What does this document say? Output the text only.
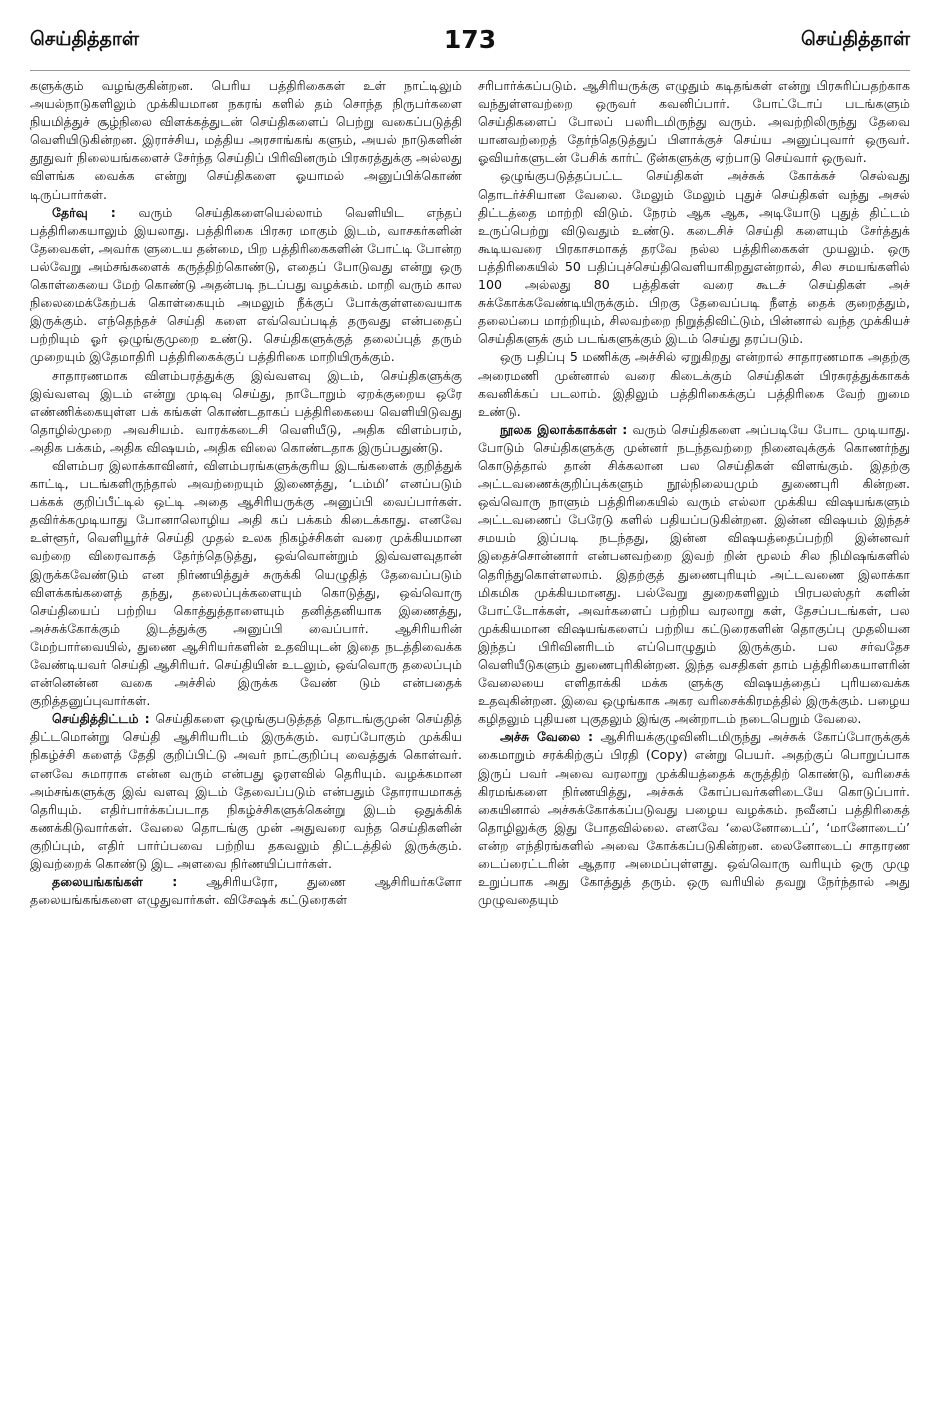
செய்தித்தாள்	173	செய்தித்தாள்

களுக்கும் வழங்குகின்றன. பெரிய பத்திரிகைகள் உள் நாட்டிலும் அயல்நாடுகளிலும் முக்கியமான நகரங் களில் தம் சொந்த நிருபர்களை நியமித்துச் சூழ்நிலை விளக்கத்துடன் செய்திகளைப் பெற்று வகைப்படுத்தி வெளியிடுகின்றன. இராச்சிய, மத்திய அரசாங்கங் களும், அயல் நாடுகளின் தூதுவர் நிலையங்களைச் சேர்ந்த செய்திப் பிரிவினரும் பிரசுரத்துக்கு அல்லது விளங்க வைக்க என்று செய்திகளை ஓயாமல் அனுப்பிக்கொண் டிருப்பார்கள்.

தேர்வு : வரும் செய்திகளையெல்லாம் வெளியிட எந்தப் பத்திரிகையாலும் இயலாது. பத்திரிகை பிரசுர மாகும் இடம், வாசகர்களின் தேவைகள், அவர்க ளுடைய தன்மை, பிற பத்திரிகைகளின் போட்டி போன்ற பல்வேறு அம்சங்களைக் கருத்திற்கொண்டு, எதைப் போடுவது என்று ஒரு கொள்கையை மேற் கொண்டு அதன்படி நடப்பது வழக்கம். மாறி வரும் கால நிலைமைக்கேற்பக் கொள்கையும் அமலும் நீக்குப் போக்குள்ளவையாக இருக்கும். எந்தெந்தச் செய்தி களை எவ்வெப்படித் தருவது என்பதைப் பற்றியும் ஓர் ஒழுங்குமுறை உண்டு. செய்திகளுக்குத் தலைப்புத் தரும் முறையும் இதேமாதிரி பத்திரிகைக்குப் பத்திரிகை மாறியிருக்கும்.

சாதாரணமாக விளம்பரத்துக்கு இவ்வளவு இடம், செய்திகளுக்கு இவ்வளவு இடம் என்று முடிவு செய்து, நாடோறும் ஏறக்குறைய ஒரே எண்ணிக்கையுள்ள பக் கங்கள் கொண்டதாகப் பத்திரிகையை வெளியிடுவது தொழில்முறை அவசியம். வாரக்கடைசி வெளியீடு, அதிக விளம்பரம், அதிக பக்கம், அதிக விஷயம், அதிக விலை கொண்டதாக இருப்பதுண்டு.

விளம்பர இலாக்காவினர், விளம்பரங்களுக்குரிய இடங்களைக் குறித்துக் காட்டி, படங்களிருந்தால் அவற்றையும் இணைத்து, ‘டம்மி’ எனப்படும் பக்கக் குறிப்பீட்டில் ஒட்டி அதை ஆசிரியருக்கு அனுப்பி வைப்பார்கள். தவிர்க்கமுடியாது போனாலொழிய அதி கப் பக்கம் கிடைக்காது. எனவே உள்ளூர், வெளியூர்ச் செய்தி முதல் உலக நிகழ்ச்சிகள் வரை முக்கியமான வற்றை விரைவாகத் தேர்ந்தெடுத்து, ஒவ்வொன்றும் இவ்வளவுதான் இருக்கவேண்டும் என நிர்ணயித்துச் சுருக்கி யெழுதித் தேவைப்படும் விளக்கங்களைத் தந்து, தலைப்புக்களையும் கொடுத்து, ஒவ்வொரு செய்தியைப் பற்றிய கொத்துத்தாளையும் தனித்தனியாக இணைத்து, அச்சுக்கோக்கும் இடத்துக்கு அனுப்பி வைப்பார். ஆசிரியரின் மேற்பார்வையில், துணை ஆசிரியர்களின் உதவியுடன் இதை நடத்திவைக்க வேண்டியவர் செய்தி ஆசிரியர். செய்தியின் உடலும், ஒவ்வொரு தலைப்பும் என்னென்ன வகை அச்சில் இருக்க வேண் டும் என்பதைக் குறித்தனுப்புவார்கள்.

செய்தித்திட்டம் : செய்திகளை ஒழுங்குபடுத்தத் தொடங்குமுன் செய்தித் திட்டமொன்று செய்தி ஆசிரியரிடம் இருக்கும். வரப்போகும் முக்கிய நிகழ்ச்சி களைத் தேதி குறிப்பிட்டு அவர் நாட்குறிப்பு வைத்துக் கொள்வர். எனவே சுமாராக என்ன வரும் என்பது ஓரளவில் தெரியும். வழக்கமான அம்சங்களுக்கு இவ் வளவு இடம் தேவைப்படும் என்பதும் தோராயமாகத் தெரியும். எதிர்பார்க்கப்படாத நிகழ்ச்சிகளுக்கென்று இடம் ஒதுக்கிக் கணக்கிடுவார்கள். வேலை தொடங்கு முன் அதுவரை வந்த செய்திகளின் குறிப்பும், எதிர் பார்ப்பவை பற்றிய தகவலும் திட்டத்தில் இருக்கும். இவற்றைக் கொண்டு இட அளவை நிர்ணயிப்பார்கள்.

தலையங்கங்கள் : ஆசிரியரோ, துணை ஆசிரியர்களோ தலையங்கங்களை எழுதுவார்கள். விசேஷக் கட்டுரைகள்

சரிபார்க்கப்படும். ஆசிரியருக்கு எழுதும் கடிதங்கள் என்று பிரசுரிப்பதற்காக வந்துள்ளவற்றை ஒருவர் கவனிப்பார். போட்டோப் படங்களும் செய்திகளைப் போலப் பலரிடமிருந்து வரும். அவற்றிலிருந்து தேவை யானவற்றைத் தேர்ந்தெடுத்துப் பிளாக்குச் செய்ய அனுப்புவார் ஒருவர். ஓவியர்களுடன் பேசிக் கார்ட் டூன்களுக்கு ஏற்பாடு செய்வார் ஒருவர்.

ஒழுங்குபடுத்தப்பட்ட செய்திகள் அச்சுக் கோக்கச் செல்வது தொடர்ச்சியான வேலை. மேலும் மேலும் புதுச் செய்திகள் வந்து அசல் திட்டத்தை மாற்றி விடும். நேரம் ஆக ஆக, அடியோடு புதுத் திட்டம் உருப்பெற்று விடுவதும் உண்டு. கடைசிச் செய்தி களையும் சேர்த்துக் கூடியவரை பிரகாசமாகத் தரவே நல்ல பத்திரிகைகள் முயலும். ஒரு பத்திரிகையில் 50 பதிப்புச்செய்திவெளியாகிறதுஎன்றால், சில சமயங்களில் 100 அல்லது 80 பத்திகள் வரை கூடச் செய்திகள் அச் சுக்கோக்கவேண்டியிருக்கும். பிறகு தேவைப்படி நீளத் தைக் குறைத்தும், தலைப்பை மாற்றியும், சிலவற்றை நிறுத்திவிட்டும், பின்னால் வந்த முக்கியச் செய்திகளுக் கும் படங்களுக்கும் இடம் செய்து தரப்படும்.

ஒரு பதிப்பு 5 மணிக்கு அச்சில் ஏறுகிறது என்றால் சாதாரணமாக அதற்கு அரைமணி முன்னால் வரை கிடைக்கும் செய்திகள் பிரசுரத்துக்காகக் கவனிக்கப் படலாம். இதிலும் பத்திரிகைக்குப் பத்திரிகை வேற் றுமை உண்டு.

நூலக இலாக்காக்கள் : வரும் செய்திகளை அப்படியே போட முடியாது. போடும் செய்திகளுக்கு முன்னர் நடந்தவற்றை நினைவுக்குக் கொணர்ந்து கொடுத்தால் தான் சிக்கலான பல செய்திகள் விளங்கும். இதற்கு அட்டவணைக்குறிப்புக்களும் நூல்நிலையமும் துணைபுரி கின்றன. ஒவ்வொரு நாளும் பத்திரிகையில் வரும் எல்லா முக்கிய விஷயங்களும் அட்டவணைப் பேரேடு களில் பதியப்படுகின்றன. இன்ன விஷயம் இந்தச் சமயம் இப்படி நடந்தது, இன்ன விஷயத்தைப்பற்றி இன்னவர் இதைச்சொன்னார் என்பனவற்றை இவற் றின் மூலம் சில நிமிஷங்களில் தெரிந்துகொள்ளலாம். இதற்குத் துணைபுரியும் அட்டவணை இலாக்கா மிகமிக முக்கியமானது. பல்வேறு துறைகளிலும் பிரபலஸ்தர் களின் போட்டோக்கள், அவர்களைப் பற்றிய வரலாறு கள், தேசப்படங்கள், பல முக்கியமான விஷயங்களைப் பற்றிய கட்டுரைகளின் தொகுப்பு முதலியன இந்தப் பிரிவினரிடம் எப்பொழுதும் இருக்கும். பல சர்வதேச வெளியீடுகளும் துணைபுரிகின்றன. இந்த வசதிகள் தாம் பத்திரிகையாளரின் வேலையை எளிதாக்கி மக்க ளுக்கு விஷயத்தைப் புரியவைக்க உதவுகின்றன. இவை ஒழுங்காக அகர வரிசைக்கிரமத்தில் இருக்கும். பழைய கழிதலும் புதியன புகுதலும் இங்கு அன்றாடம் நடைபெறும் வேலை.

அச்சு வேலை : ஆசிரியக்குழுவினிடமிருந்து அச்சுக் கோப்போருக்குக் கைமாறும் சரக்கிற்குப் பிரதி (Copy) என்று பெயர். அதற்குப் பொறுப்பாக இருப் பவர் அவை வரலாறு முக்கியத்தைக் கருத்திற் கொண்டு, வரிசைக் கிரமங்களை நிர்ணயித்து, அச்சுக் கோப்பவர்களிடையே கொடுப்பார். கையினால் அச்சுக்கோக்கப்படுவது பழைய வழக்கம். நவீனப் பத்திரிகைத் தொழிலுக்கு இது போதவில்லை. எனவே ‘லைனோடைப்’, ‘மானோடைப்’ என்ற எந்திரங்களில் அவை கோக்கப்படுகின்றன. லைனோடைப் சாதாரண டைப்ரைட்டரின் ஆதார அமைப்புள்ளது. ஒவ்வொரு வரியும் ஒரு முழு உறுப்பாக அது கோத்துத் தரும். ஒரு வரியில் தவறு நேர்ந்தால் அது முழுவதையும்
